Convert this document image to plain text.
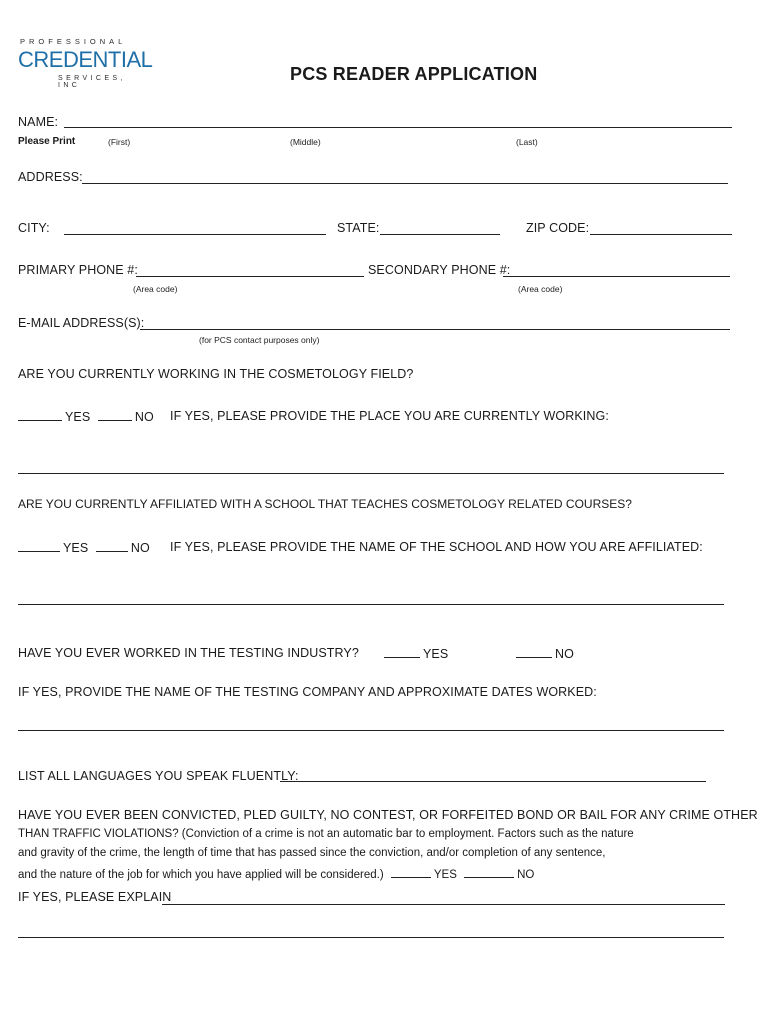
PROFESSIONAL
CREDENTIAL
SERVICES, INC
PCS READER APPLICATION
NAME:
Please Print	(First)	(Middle)	(Last)
ADDRESS:
CITY:	STATE:	ZIP CODE:
PRIMARY PHONE #:
(Area code)
SECONDARY PHONE #:
(Area code)
E-MAIL ADDRESS(S):
(for PCS contact purposes only)
ARE YOU CURRENTLY WORKING IN THE COSMETOLOGY FIELD?
YES	NO IF YES, PLEASE PROVIDE THE PLACE YOU ARE CURRENTLY WORKING:
ARE YOU CURRENTLY AFFILIATED WITH A SCHOOL THAT TEACHES COSMETOLOGY RELATED COURSES?
YES	NO IF YES, PLEASE PROVIDE THE NAME OF THE SCHOOL AND HOW YOU ARE AFFILIATED:
HAVE YOU EVER WORKED IN THE TESTING INDUSTRY?	YES	NO
IF YES, PROVIDE THE NAME OF THE TESTING COMPANY AND APPROXIMATE DATES WORKED:
LIST ALL LANGUAGES YOU SPEAK FLUENTLY:
HAVE YOU EVER BEEN CONVICTED, PLED GUILTY, NO CONTEST, OR FORFEITED BOND OR BAIL FOR ANY CRIME OTHER
THAN TRAFFIC VIOLATIONS? (Conviction of a crime is not an automatic bar to employment. Factors such as the nature
and gravity of the crime, the length of time that has passed since the conviction, and/or completion of any sentence,
and the nature of the job for which you have applied will be considered.)	YES	NO
IF YES, PLEASE EXPLAIN
